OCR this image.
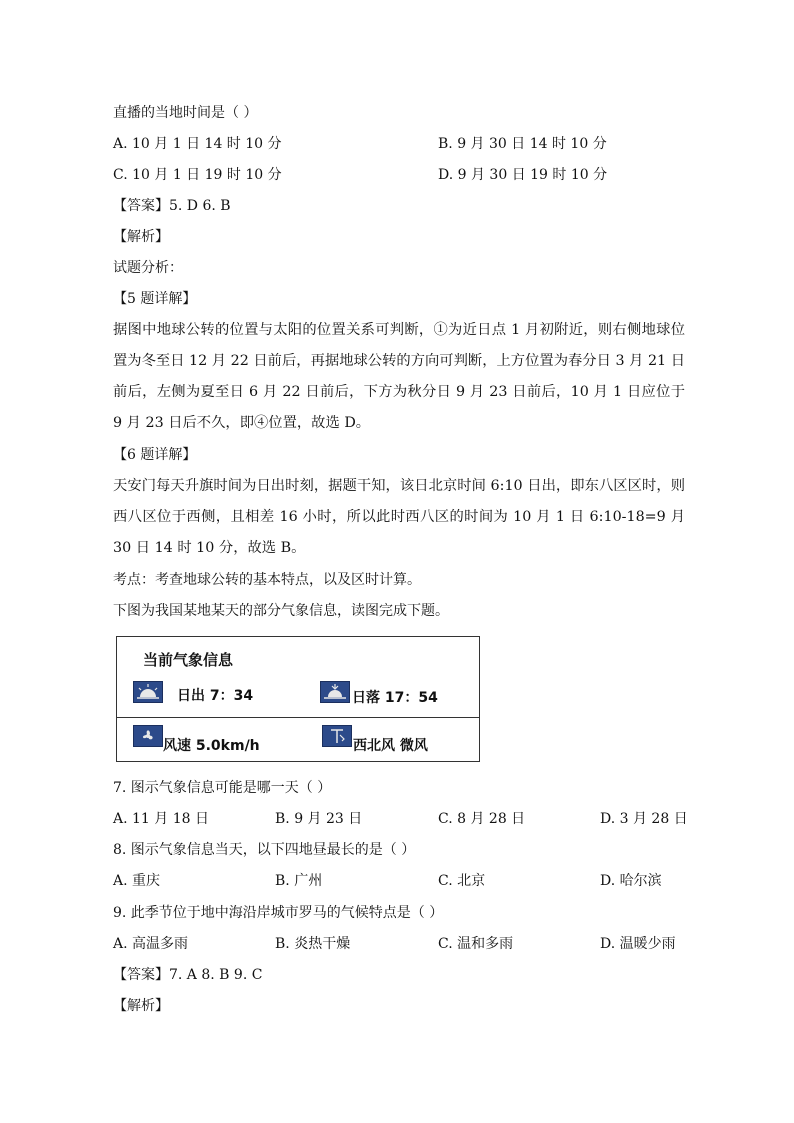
直播的当地时间是（ ）
A. 10 月 1 日 14 时 10 分	B. 9 月 30 日 14 时 10 分
C. 10 月 1 日 19 时 10 分	D. 9 月 30 日 19 时 10 分
【答案】5. D 6. B
【解析】
试题分析：
【5 题详解】
据图中地球公转的位置与太阳的位置关系可判断，①为近日点 1 月初附近，则右侧地球位置为冬至日 12 月 22 日前后，再据地球公转的方向可判断，上方位置为春分日 3 月 21 日前后，左侧为夏至日 6 月 22 日前后，下方为秋分日 9 月 23 日前后，10 月 1 日应位于 9 月 23 日后不久，即④位置，故选 D。
【6 题详解】
天安门每天升旗时间为日出时刻，据题干知，该日北京时间 6:10 日出，即东八区区时，则西八区位于西侧，且相差 16 小时，所以此时西八区的时间为 10 月 1 日 6:10-18=9 月 30 日 14 时 10 分，故选 B。
考点：考查地球公转的基本特点，以及区时计算。
下图为我国某地某天的部分气象信息，读图完成下题。
当前气象信息
日出 7：34	日落 17：54
风速 5.0km/h	西北风 微风
7. 图示气象信息可能是哪一天（ ）
A. 11 月 18 日	B. 9 月 23 日	C. 8 月 28 日	D. 3 月 28 日
8. 图示气象信息当天，以下四地昼最长的是（ ）
A. 重庆	B. 广州	C. 北京	D. 哈尔滨
9. 此季节位于地中海沿岸城市罗马的气候特点是（ ）
A. 高温多雨	B. 炎热干燥	C. 温和多雨	D. 温暖少雨
【答案】7. A 8. B 9. C
【解析】
